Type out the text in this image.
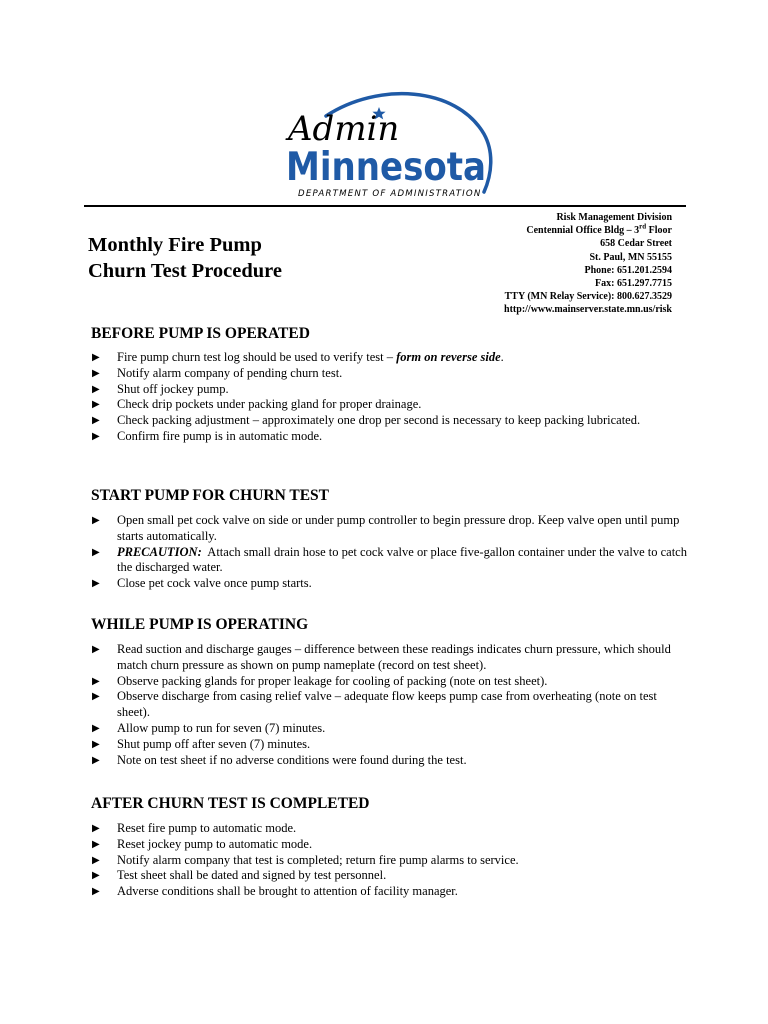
Admin
Minnesota
DEPARTMENT OF ADMINISTRATION
Monthly Fire Pump
Churn Test Procedure
Risk Management Division
Centennial Office Bldg – 3rd Floor
658 Cedar Street
St. Paul, MN 55155
Phone: 651.201.2594
Fax: 651.297.7715
TTY (MN Relay Service): 800.627.3529
http://www.mainserver.state.mn.us/risk
BEFORE PUMP IS OPERATED
▶ Fire pump churn test log should be used to verify test – form on reverse side.
▶ Notify alarm company of pending churn test.
▶ Shut off jockey pump.
▶ Check drip pockets under packing gland for proper drainage.
▶ Check packing adjustment – approximately one drop per second is necessary to keep packing lubricated.
▶ Confirm fire pump is in automatic mode.
START PUMP FOR CHURN TEST
▶ Open small pet cock valve on side or under pump controller to begin pressure drop. Keep valve open until pump starts automatically.
▶ PRECAUTION:  Attach small drain hose to pet cock valve or place five-gallon container under the valve to catch the discharged water.
▶ Close pet cock valve once pump starts.
WHILE PUMP IS OPERATING
▶ Read suction and discharge gauges – difference between these readings indicates churn pressure, which should match churn pressure as shown on pump nameplate (record on test sheet).
▶ Observe packing glands for proper leakage for cooling of packing (note on test sheet).
▶ Observe discharge from casing relief valve – adequate flow keeps pump case from overheating (note on test sheet).
▶ Allow pump to run for seven (7) minutes.
▶ Shut pump off after seven (7) minutes.
▶ Note on test sheet if no adverse conditions were found during the test.
AFTER CHURN TEST IS COMPLETED
▶ Reset fire pump to automatic mode.
▶ Reset jockey pump to automatic mode.
▶ Notify alarm company that test is completed; return fire pump alarms to service.
▶ Test sheet shall be dated and signed by test personnel.
▶ Adverse conditions shall be brought to attention of facility manager.
